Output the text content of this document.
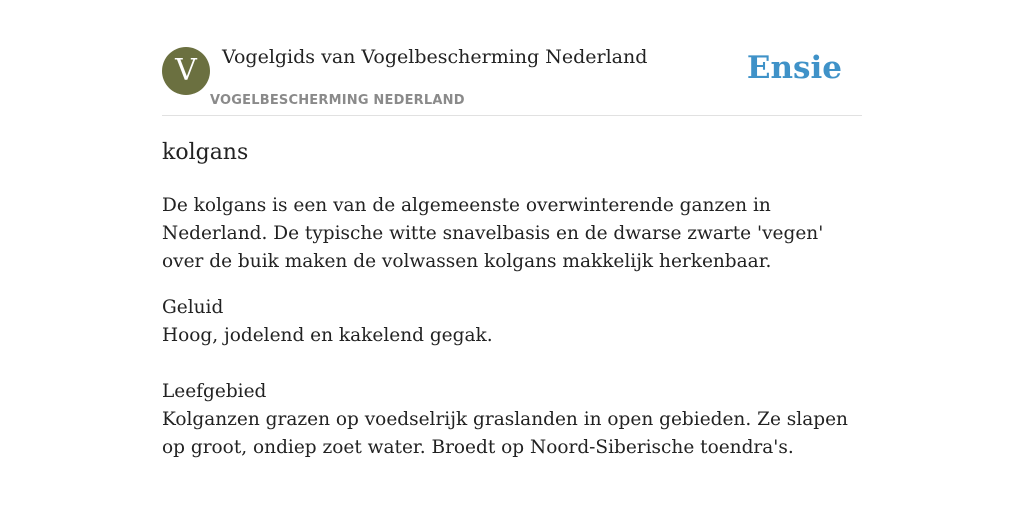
V Vogelgids van Vogelbescherming Nederland
VOGELBESCHERMING NEDERLAND
Ensie
kolgans

De kolgans is een van de algemeenste overwinterende ganzen in Nederland. De typische witte snavelbasis en de dwarse zwarte 'vegen' over de buik maken de volwassen kolgans makkelijk herkenbaar.

Geluid

Hoog, jodelend en kakelend gegak.

Leefgebied

Kolganzen grazen op voedselrijk graslanden in open gebieden. Ze slapen op groot, ondiep zoet water. Broedt op Noord-Siberische toendra's.
